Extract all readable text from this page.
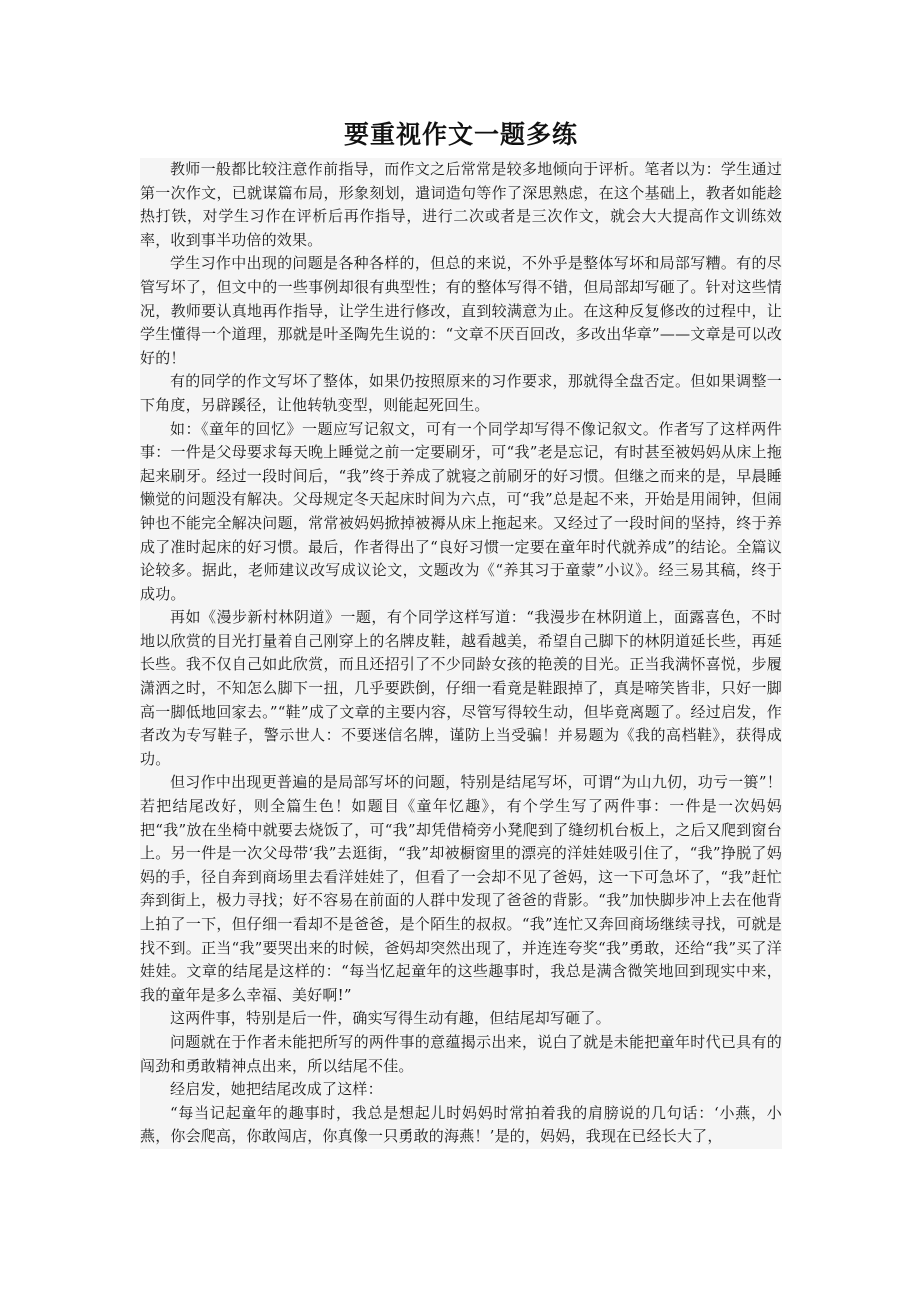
要重视作文一题多练

教师一般都比较注意作前指导，而作文之后常常是较多地倾向于评析。笔者以为：学生通过第一次作文，已就谋篇布局，形象刻划，遣词造句等作了深思熟虑，在这个基础上，教者如能趁热打铁，对学生习作在评析后再作指导，进行二次或者是三次作文，就会大大提高作文训练效率，收到事半功倍的效果。

学生习作中出现的问题是各种各样的，但总的来说，不外乎是整体写坏和局部写糟。有的尽管写坏了，但文中的一些事例却很有典型性；有的整体写得不错，但局部却写砸了。针对这些情况，教师要认真地再作指导，让学生进行修改，直到较满意为止。在这种反复修改的过程中，让学生懂得一个道理，那就是叶圣陶先生说的：“文章不厌百回改，多改出华章”——文章是可以改好的！

有的同学的作文写坏了整体，如果仍按照原来的习作要求，那就得全盘否定。但如果调整一下角度，另辟蹊径，让他转轨变型，则能起死回生。

如：《童年的回忆》一题应写记叙文，可有一个同学却写得不像记叙文。作者写了这样两件事：一件是父母要求每天晚上睡觉之前一定要刷牙，可“我”老是忘记，有时甚至被妈妈从床上拖起来刷牙。经过一段时间后，“我”终于养成了就寝之前刷牙的好习惯。但继之而来的是，早晨睡懒觉的问题没有解决。父母规定冬天起床时间为六点，可“我”总是起不来，开始是用闹钟，但闹钟也不能完全解决问题，常常被妈妈掀掉被褥从床上拖起来。又经过了一段时间的坚持，终于养成了准时起床的好习惯。最后，作者得出了“良好习惯一定要在童年时代就养成”的结论。全篇议论较多。据此，老师建议改写成议论文，文题改为《“养其习于童蒙”小议》。经三易其稿，终于成功。

再如《漫步新村林阴道》一题，有个同学这样写道：“我漫步在林阴道上，面露喜色，不时地以欣赏的目光打量着自己刚穿上的名牌皮鞋，越看越美，希望自己脚下的林阴道延长些，再延长些。我不仅自己如此欣赏，而且还招引了不少同龄女孩的艳羡的目光。正当我满怀喜悦，步履潇洒之时，不知怎么脚下一扭，几乎要跌倒，仔细一看竟是鞋跟掉了，真是啼笑皆非，只好一脚高一脚低地回家去。”“鞋”成了文章的主要内容，尽管写得较生动，但毕竟离题了。经过启发，作者改为专写鞋子，警示世人：不要迷信名牌，谨防上当受骗！并易题为《我的高档鞋》，获得成功。

但习作中出现更普遍的是局部写坏的问题，特别是结尾写坏，可谓“为山九仞，功亏一篑”！若把结尾改好，则全篇生色！如题目《童年忆趣》，有个学生写了两件事：一件是一次妈妈把“我”放在坐椅中就要去烧饭了，可“我”却凭借椅旁小凳爬到了缝纫机台板上，之后又爬到窗台上。另一件是一次父母带‘我”去逛街，“我”却被橱窗里的漂亮的洋娃娃吸引住了，“我”挣脱了妈妈的手，径自奔到商场里去看洋娃娃了，但看了一会却不见了爸妈，这一下可急坏了，“我”赶忙奔到街上，极力寻找；好不容易在前面的人群中发现了爸爸的背影。“我”加快脚步冲上去在他背上拍了一下，但仔细一看却不是爸爸，是个陌生的叔叔。“我”连忙又奔回商场继续寻找，可就是找不到。正当“我”要哭出来的时候，爸妈却突然出现了，并连连夸奖“我”勇敢，还给“我”买了洋娃娃。文章的结尾是这样的：“每当忆起童年的这些趣事时，我总是满含微笑地回到现实中来，我的童年是多么幸福、美好啊!”

这两件事，特别是后一件，确实写得生动有趣，但结尾却写砸了。

问题就在于作者未能把所写的两件事的意蕴揭示出来，说白了就是未能把童年时代已具有的闯劲和勇敢精神点出来，所以结尾不佳。

经启发，她把结尾改成了这样：

“每当记起童年的趣事时，我总是想起儿时妈妈时常拍着我的肩膀说的几句话：‘小燕，小燕，你会爬高，你敢闯店，你真像一只勇敢的海燕！’是的，妈妈，我现在已经长大了，
